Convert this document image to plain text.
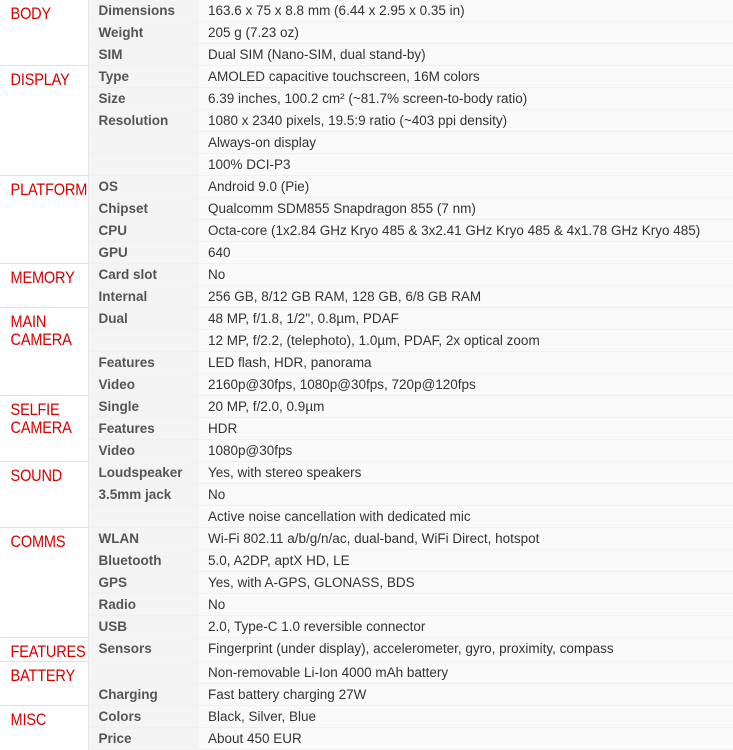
BODY	Dimensions	163.6 x 75 x 8.8 mm (6.44 x 2.95 x 0.35 in)
	Weight	205 g (7.23 oz)
	SIM	Dual SIM (Nano-SIM, dual stand-by)

DISPLAY	Type	AMOLED capacitive touchscreen, 16M colors
	Size	6.39 inches, 100.2 cm² (~81.7% screen-to-body ratio)
	Resolution	1080 x 2340 pixels, 19.5:9 ratio (~403 ppi density)
		Always-on display
		100% DCI-P3

PLATFORM	OS	Android 9.0 (Pie)
	Chipset	Qualcomm SDM855 Snapdragon 855 (7 nm)
	CPU	Octa-core (1x2.84 GHz Kryo 485 & 3x2.41 GHz Kryo 485 & 4x1.78 GHz Kryo 485)
	GPU	640

MEMORY	Card slot	No
	Internal	256 GB, 8/12 GB RAM, 128 GB, 6/8 GB RAM

MAIN CAMERA	Dual	48 MP, f/1.8, 1/2", 0.8µm, PDAF
		12 MP, f/2.2, (telephoto), 1.0µm, PDAF, 2x optical zoom
	Features	LED flash, HDR, panorama
	Video	2160p@30fps, 1080p@30fps, 720p@120fps

SELFIE CAMERA	Single	20 MP, f/2.0, 0.9µm
	Features	HDR
	Video	1080p@30fps

SOUND	Loudspeaker	Yes, with stereo speakers
	3.5mm jack	No
		Active noise cancellation with dedicated mic

COMMS	WLAN	Wi-Fi 802.11 a/b/g/n/ac, dual-band, WiFi Direct, hotspot
	Bluetooth	5.0, A2DP, aptX HD, LE
	GPS	Yes, with A-GPS, GLONASS, BDS
	Radio	No
	USB	2.0, Type-C 1.0 reversible connector

FEATURES	Sensors	Fingerprint (under display), accelerometer, gyro, proximity, compass

BATTERY		Non-removable Li-Ion 4000 mAh battery
	Charging	Fast battery charging 27W

MISC	Colors	Black, Silver, Blue
	Price	About 450 EUR
